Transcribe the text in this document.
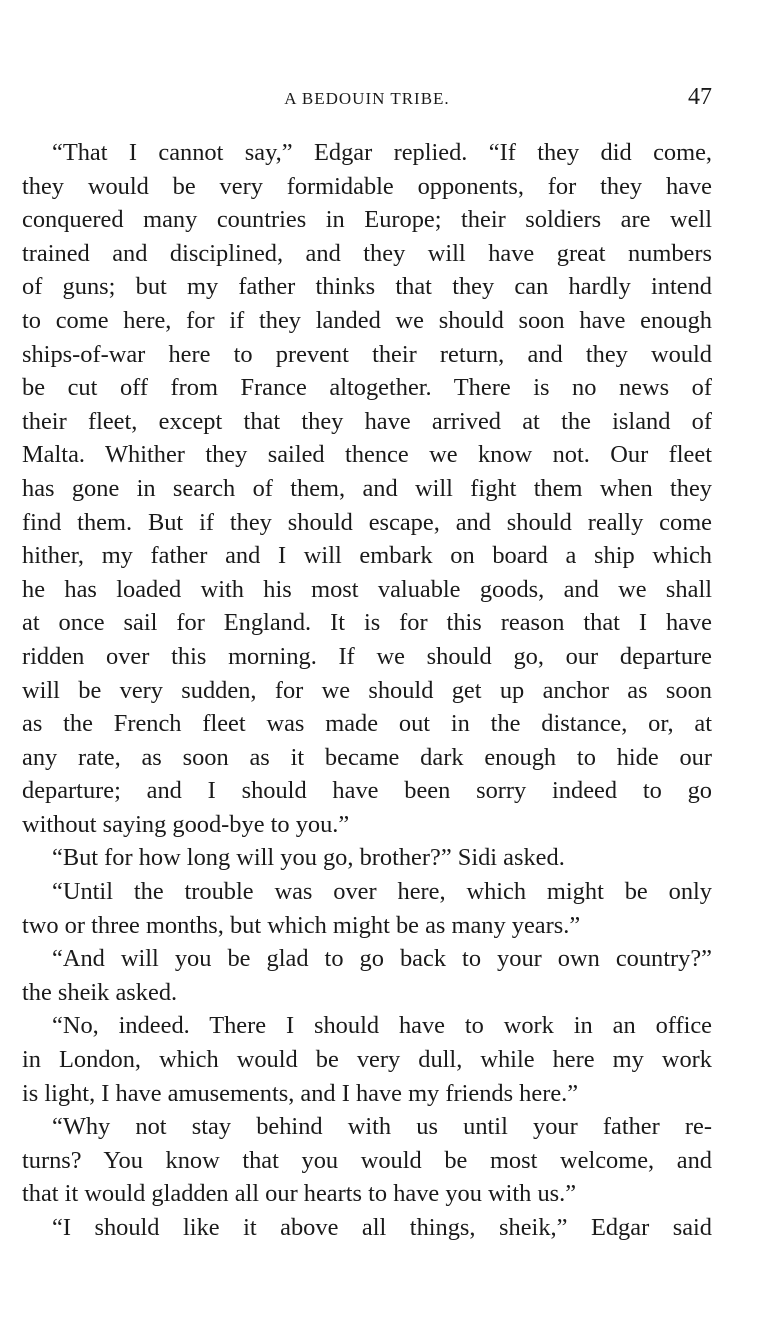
A BEDOUIN TRIBE.	47
“That I cannot say,” Edgar replied. “If they did come,
they would be very formidable opponents, for they have
conquered many countries in Europe; their soldiers are well
trained and disciplined, and they will have great numbers
of guns; but my father thinks that they can hardly intend
to come here, for if they landed we should soon have enough
ships-of-war here to prevent their return, and they would
be cut off from France altogether. There is no news of
their fleet, except that they have arrived at the island of
Malta. Whither they sailed thence we know not. Our fleet
has gone in search of them, and will fight them when they
find them. But if they should escape, and should really come
hither, my father and I will embark on board a ship which
he has loaded with his most valuable goods, and we shall
at once sail for England. It is for this reason that I have
ridden over this morning. If we should go, our departure
will be very sudden, for we should get up anchor as soon
as the French fleet was made out in the distance, or, at
any rate, as soon as it became dark enough to hide our
departure; and I should have been sorry indeed to go
without saying good-bye to you.”
“But for how long will you go, brother?” Sidi asked.
“Until the trouble was over here, which might be only
two or three months, but which might be as many years.”
“And will you be glad to go back to your own country?”
the sheik asked.
“No, indeed. There I should have to work in an office
in London, which would be very dull, while here my work
is light, I have amusements, and I have my friends here.”
“Why not stay behind with us until your father re-
turns? You know that you would be most welcome, and
that it would gladden all our hearts to have you with us.”
“I should like it above all things, sheik,” Edgar said
